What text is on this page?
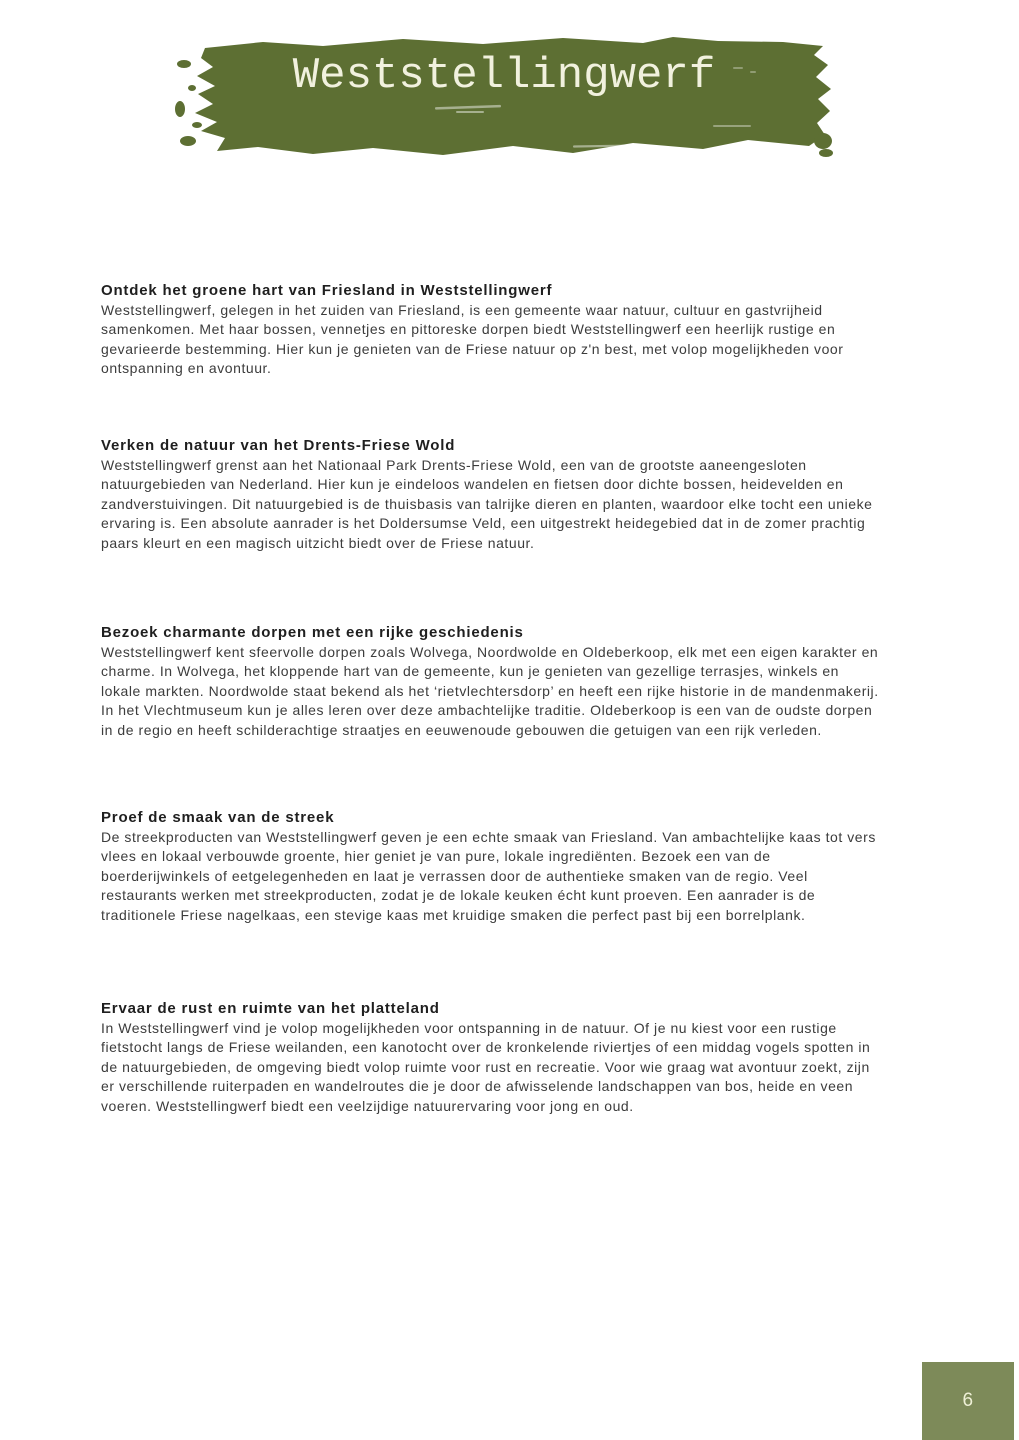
Weststellingwerf
Ontdek het groene hart van Friesland in Weststellingwerf

Weststellingwerf, gelegen in het zuiden van Friesland, is een gemeente waar natuur, cultuur en gastvrijheid samenkomen. Met haar bossen, vennetjes en pittoreske dorpen biedt Weststellingwerf een heerlijk rustige en gevarieerde bestemming. Hier kun je genieten van de Friese natuur op z'n best, met volop mogelijkheden voor ontspanning en avontuur.

Verken de natuur van het Drents-Friese Wold

Weststellingwerf grenst aan het Nationaal Park Drents-Friese Wold, een van de grootste aaneengesloten natuurgebieden van Nederland. Hier kun je eindeloos wandelen en fietsen door dichte bossen, heidevelden en zandverstuivingen. Dit natuurgebied is de thuisbasis van talrijke dieren en planten, waardoor elke tocht een unieke ervaring is. Een absolute aanrader is het Doldersumse Veld, een uitgestrekt heidegebied dat in de zomer prachtig paars kleurt en een magisch uitzicht biedt over de Friese natuur.

Bezoek charmante dorpen met een rijke geschiedenis

Weststellingwerf kent sfeervolle dorpen zoals Wolvega, Noordwolde en Oldeberkoop, elk met een eigen karakter en charme. In Wolvega, het kloppende hart van de gemeente, kun je genieten van gezellige terrasjes, winkels en lokale markten. Noordwolde staat bekend als het ‘rietvlechtersdorp’ en heeft een rijke historie in de mandenmakerij. In het Vlechtmuseum kun je alles leren over deze ambachtelijke traditie. Oldeberkoop is een van de oudste dorpen in de regio en heeft schilderachtige straatjes en eeuwenoude gebouwen die getuigen van een rijk verleden.

Proef de smaak van de streek

De streekproducten van Weststellingwerf geven je een echte smaak van Friesland. Van ambachtelijke kaas tot vers vlees en lokaal verbouwde groente, hier geniet je van pure, lokale ingrediënten. Bezoek een van de boerderijwinkels of eetgelegenheden en laat je verrassen door de authentieke smaken van de regio. Veel restaurants werken met streekproducten, zodat je de lokale keuken écht kunt proeven. Een aanrader is de traditionele Friese nagelkaas, een stevige kaas met kruidige smaken die perfect past bij een borrelplank.

Ervaar de rust en ruimte van het platteland

In Weststellingwerf vind je volop mogelijkheden voor ontspanning in de natuur. Of je nu kiest voor een rustige fietstocht langs de Friese weilanden, een kanotocht over de kronkelende riviertjes of een middag vogels spotten in de natuurgebieden, de omgeving biedt volop ruimte voor rust en recreatie. Voor wie graag wat avontuur zoekt, zijn er verschillende ruiterpaden en wandelroutes die je door de afwisselende landschappen van bos, heide en veen voeren. Weststellingwerf biedt een veelzijdige natuurervaring voor jong en oud.

6
